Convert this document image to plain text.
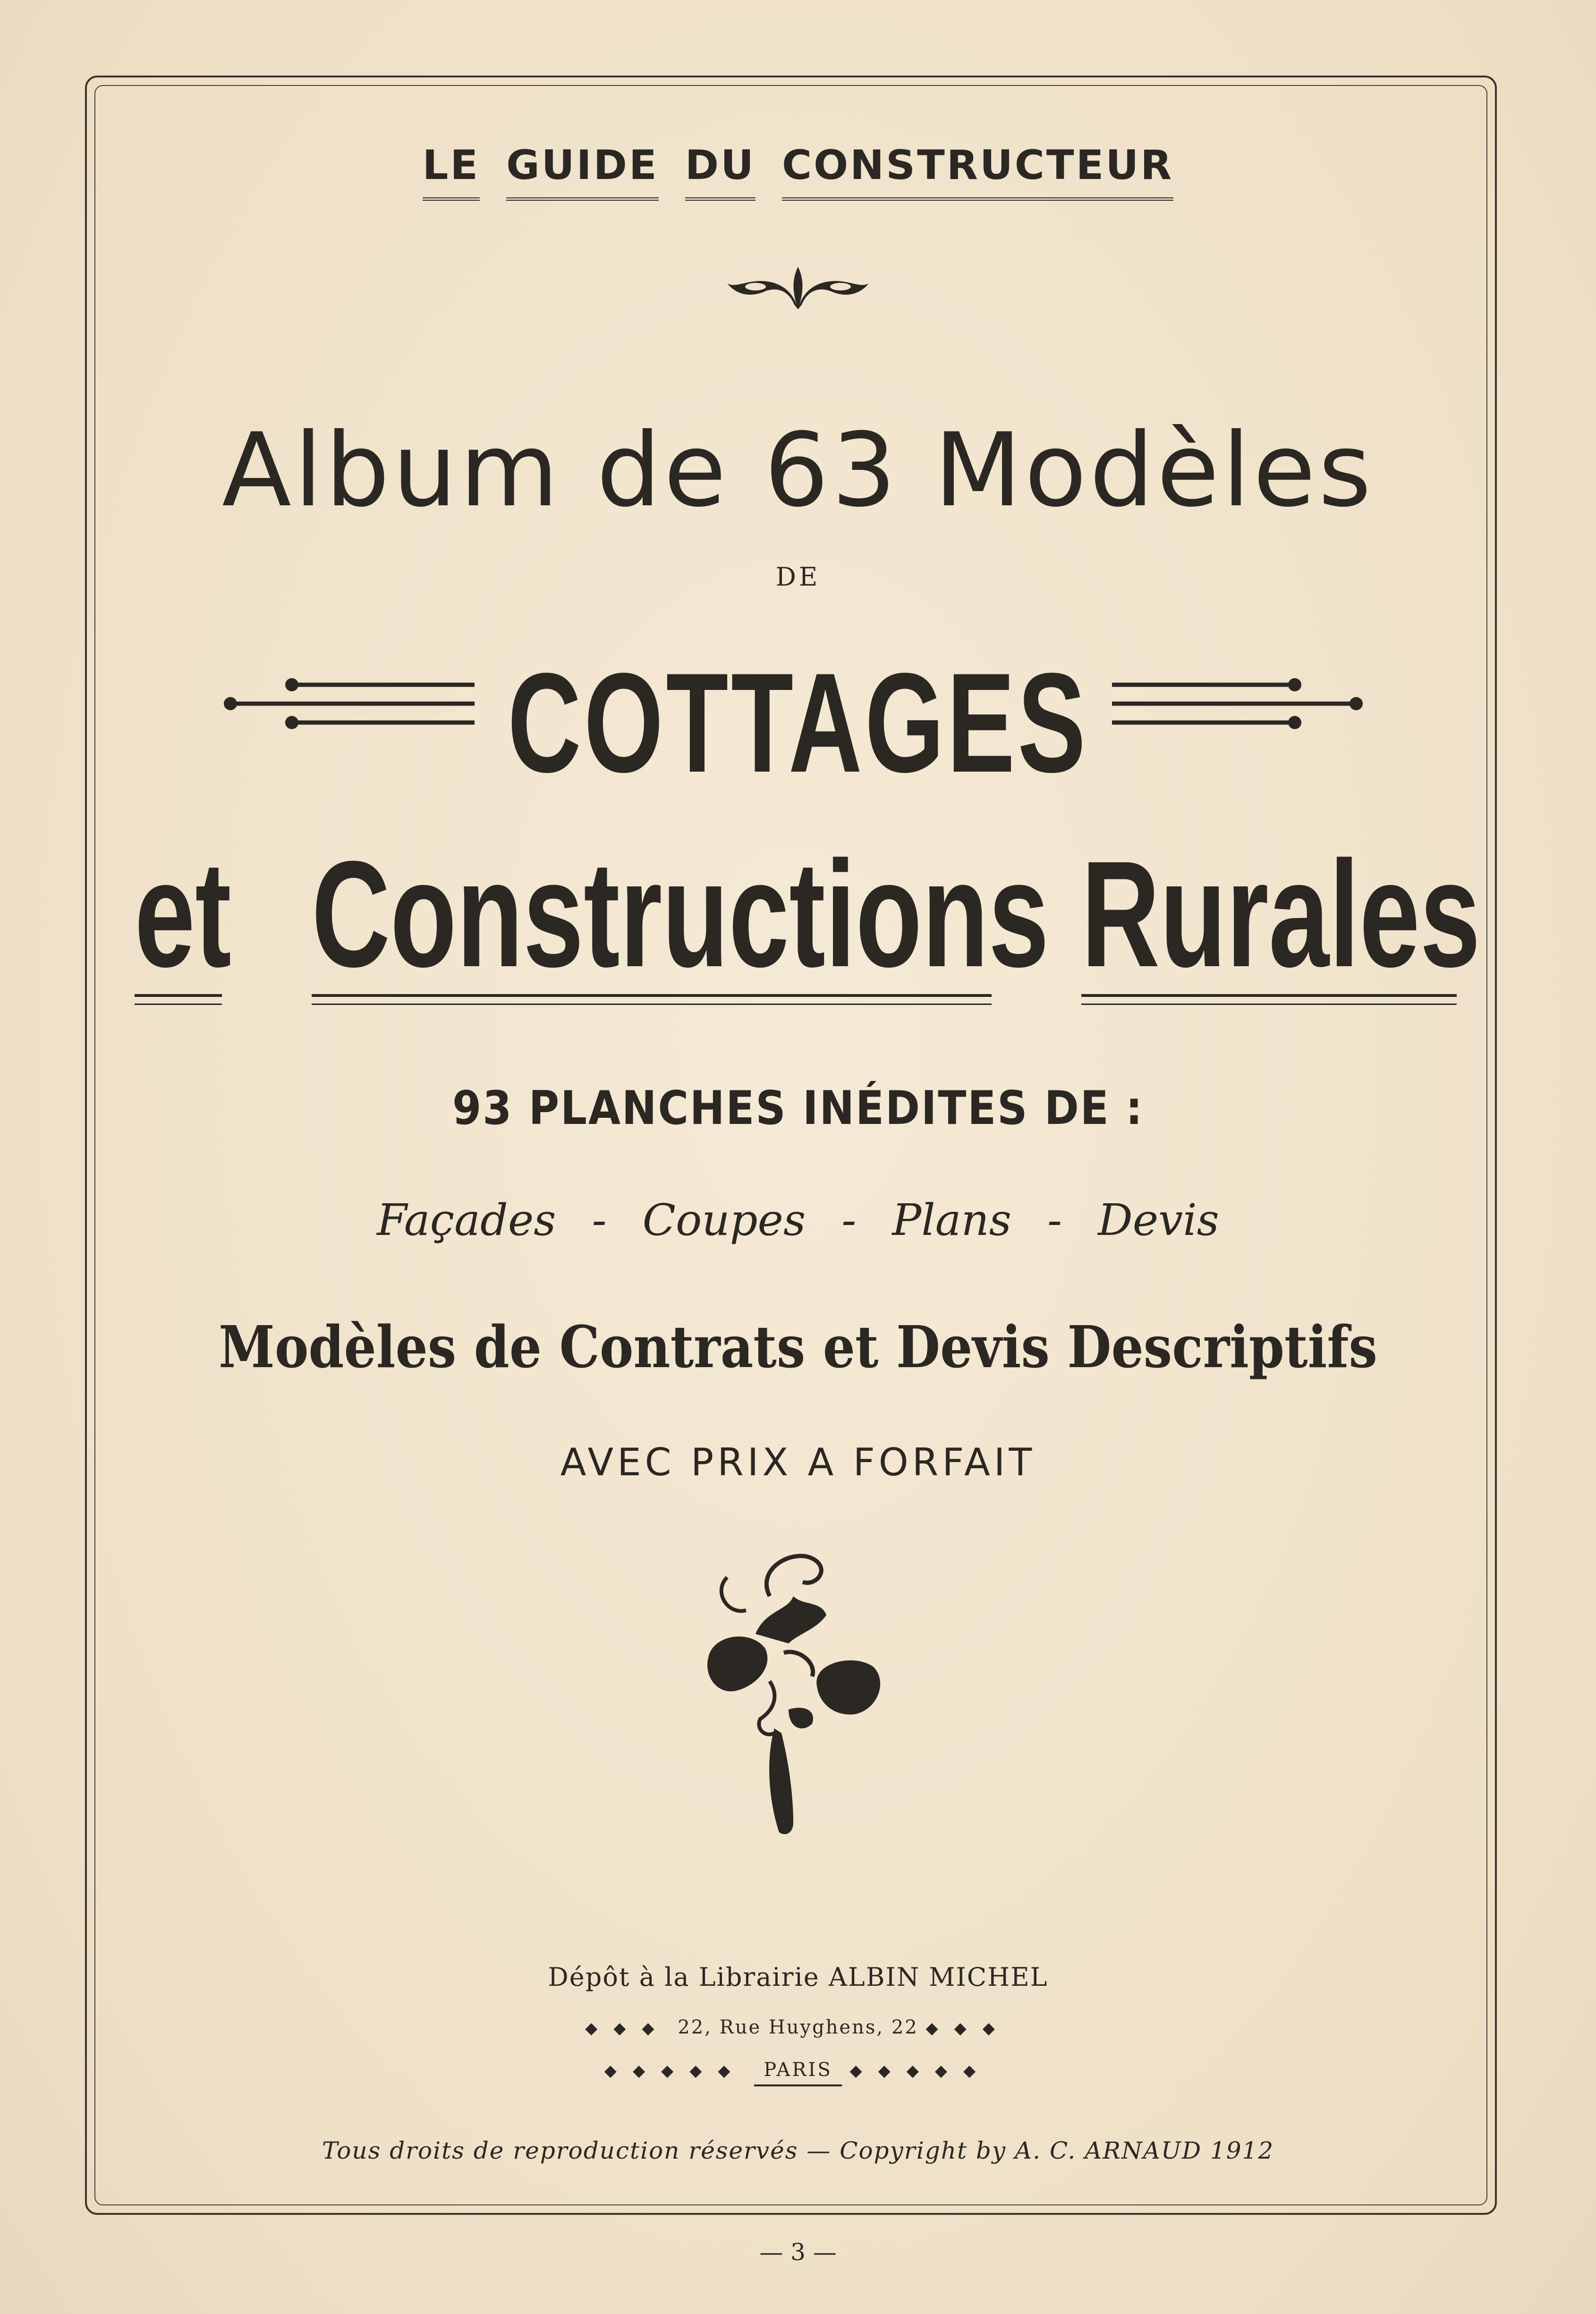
LE GUIDE DU CONSTRUCTEUR
Album de 63 Modèles
DE
COTTAGES
et Constructions Rurales
93 PLANCHES INÉDITES DE :
Façades - Coupes - Plans - Devis
Modèles de Contrats et Devis Descriptifs
AVEC PRIX A FORFAIT
Dépôt à la Librairie ALBIN MICHEL
◆◆◆ 22, Rue Huyghens, 22 ◆◆◆
◆◆◆◆◆ PARIS ◆◆◆◆◆
Tous droits de reproduction réservés — Copyright by A. C. ARNAUD 1912
— 3 —
